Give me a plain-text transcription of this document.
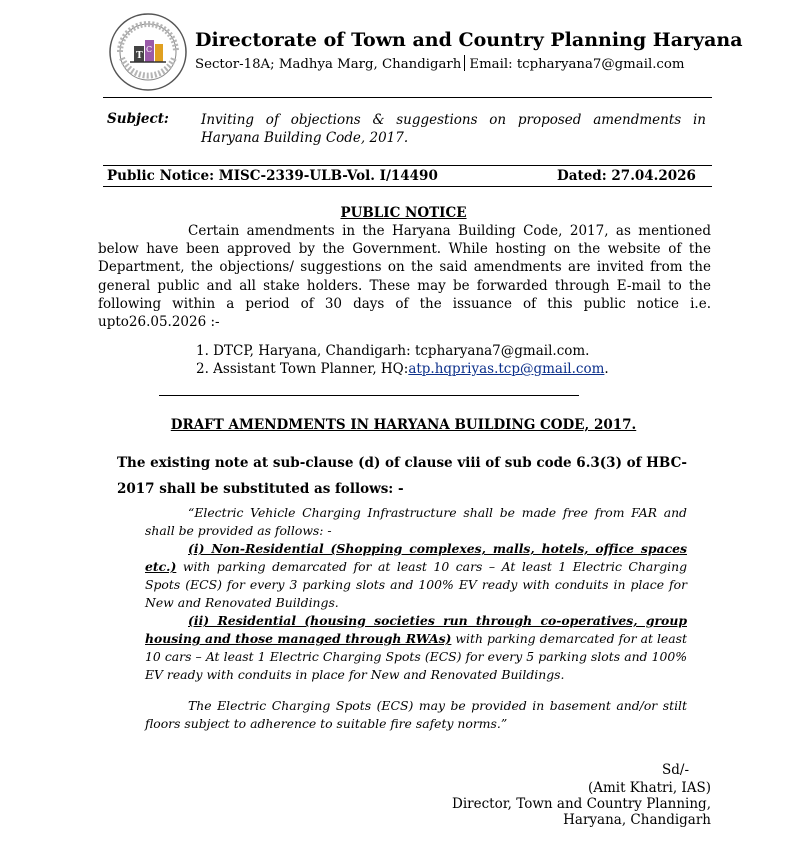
T
C Directorate of Town and Country Planning Haryana
Sector-18A; Madhya Marg, Chandigarh Email: tcpharyana7@gmail.com
Subject: Inviting of objections & suggestions on proposed amendments in Haryana Building Code, 2017.
Public Notice: MISC-2339-ULB-Vol. I/14490	Dated: 27.04.2026
PUBLIC NOTICE
Certain amendments in the Haryana Building Code, 2017, as mentioned below have been approved by the Government. While hosting on the website of the Department, the objections/ suggestions on the said amendments are invited from the general public and all stake holders. These may be forwarded through E-mail to the following within a period of 30 days of the issuance of this public notice i.e. upto26.05.2026 :-
1. DTCP, Haryana, Chandigarh: tcpharyana7@gmail.com.
2. Assistant Town Planner, HQ:atp.hqpriyas.tcp@gmail.com.
DRAFT AMENDMENTS IN HARYANA BUILDING CODE, 2017.
The existing note at sub-clause (d) of clause viii of sub code 6.3(3) of HBC-2017 shall be substituted as follows: -
“Electric Vehicle Charging Infrastructure shall be made free from FAR and shall be provided as follows: -
(i) Non-Residential (Shopping complexes, malls, hotels, office spaces etc.) with parking demarcated for at least 10 cars – At least 1 Electric Charging Spots (ECS) for every 3 parking slots and 100% EV ready with conduits in place for New and Renovated Buildings.
(ii) Residential (housing societies run through co-operatives, group housing and those managed through RWAs) with parking demarcated for at least 10 cars – At least 1 Electric Charging Spots (ECS) for every 5 parking slots and 100% EV ready with conduits in place for New and Renovated Buildings.
The Electric Charging Spots (ECS) may be provided in basement and/or stilt floors subject to adherence to suitable fire safety norms.”
Sd/-
(Amit Khatri, IAS)
Director, Town and Country Planning,
Haryana, Chandigarh
